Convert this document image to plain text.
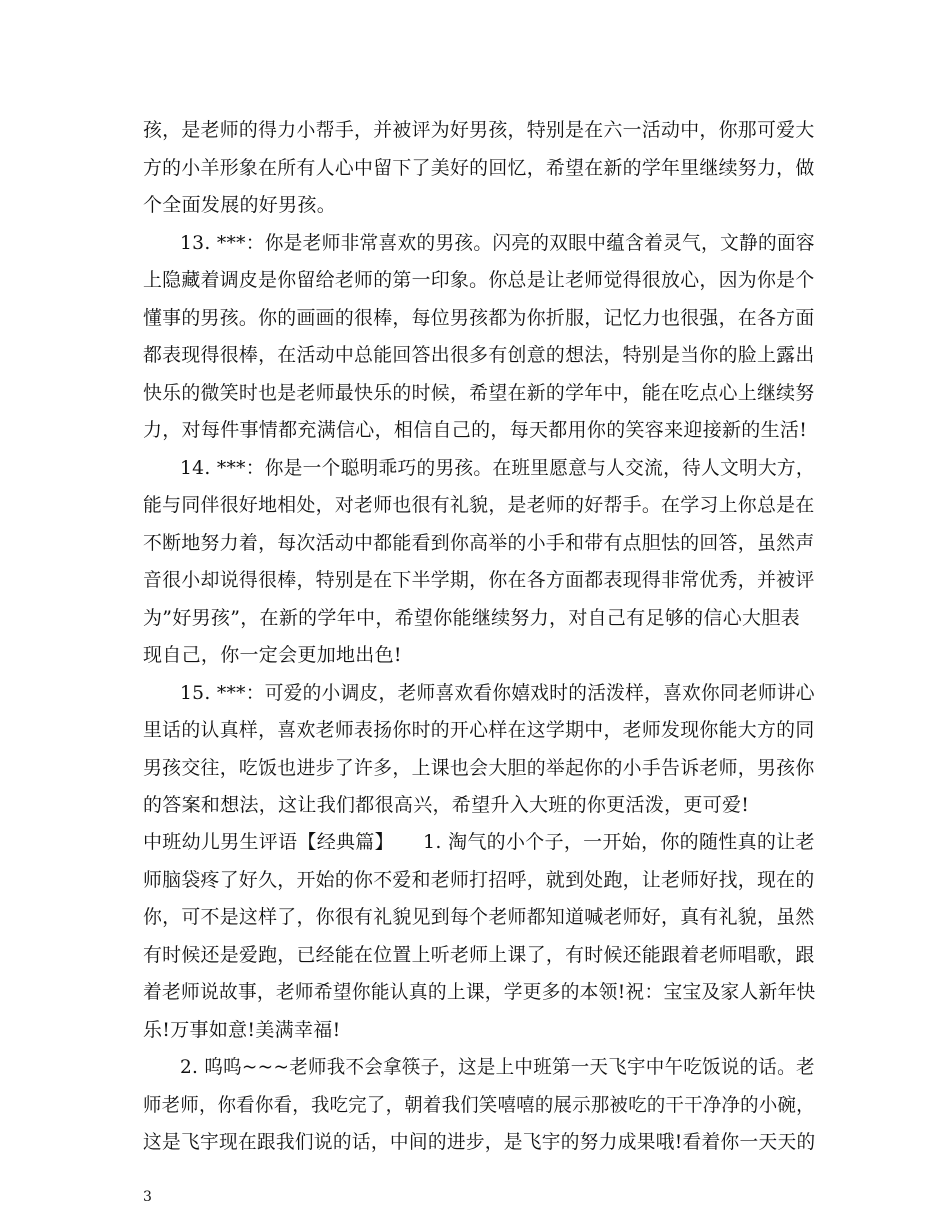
孩，是老师的得力小帮手，并被评为好男孩，特别是在六一活动中，你那可爱大
方的小羊形象在所有人心中留下了美好的回忆，希望在新的学年里继续努力，做
个全面发展的好男孩。
13. ***：你是老师非常喜欢的男孩。闪亮的双眼中蕴含着灵气，文静的面容
上隐藏着调皮是你留给老师的第一印象。你总是让老师觉得很放心，因为你是个
懂事的男孩。你的画画的很棒，每位男孩都为你折服，记忆力也很强，在各方面
都表现得很棒，在活动中总能回答出很多有创意的想法，特别是当你的脸上露出
快乐的微笑时也是老师最快乐的时候，希望在新的学年中，能在吃点心上继续努
力，对每件事情都充满信心，相信自己的，每天都用你的笑容来迎接新的生活!
14. ***：你是一个聪明乖巧的男孩。在班里愿意与人交流，待人文明大方，
能与同伴很好地相处，对老师也很有礼貌，是老师的好帮手。在学习上你总是在
不断地努力着，每次活动中都能看到你高举的小手和带有点胆怯的回答，虽然声
音很小却说得很棒，特别是在下半学期，你在各方面都表现得非常优秀，并被评
为”好男孩”，在新的学年中，希望你能继续努力，对自己有足够的信心大胆表
现自己，你一定会更加地出色!
15. ***：可爱的小调皮，老师喜欢看你嬉戏时的活泼样，喜欢你同老师讲心
里话的认真样，喜欢老师表扬你时的开心样在这学期中，老师发现你能大方的同
男孩交往，吃饭也进步了许多，上课也会大胆的举起你的小手告诉老师，男孩你
的答案和想法，这让我们都很高兴，希望升入大班的你更活泼，更可爱!
中班幼儿男生评语【经典篇】　　1. 淘气的小个子，一开始，你的随性真的让老
师脑袋疼了好久，开始的你不爱和老师打招呼，就到处跑，让老师好找，现在的
你，可不是这样了，你很有礼貌见到每个老师都知道喊老师好，真有礼貌，虽然
有时候还是爱跑，已经能在位置上听老师上课了，有时候还能跟着老师唱歌，跟
着老师说故事，老师希望你能认真的上课，学更多的本领!祝：宝宝及家人新年快
乐!万事如意!美满幸福!
2. 呜呜~~~老师我不会拿筷子，这是上中班第一天飞宇中午吃饭说的话。老
师老师，你看你看，我吃完了，朝着我们笑嘻嘻的展示那被吃的干干净净的小碗，
这是飞宇现在跟我们说的话，中间的进步，是飞宇的努力成果哦!看着你一天天的
3
